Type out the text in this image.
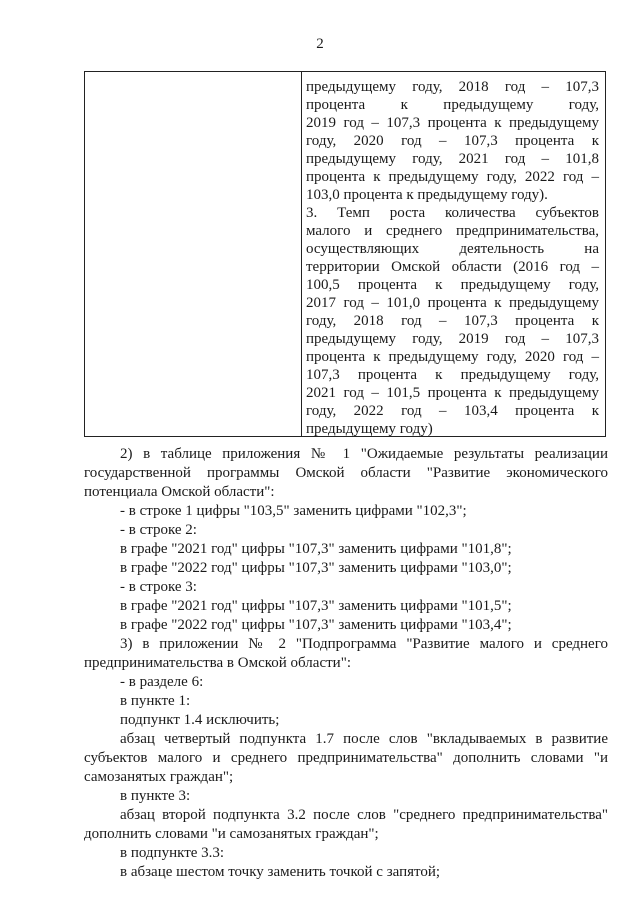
2
предыдущему году, 2018 год – 107,3
процента к предыдущему году,
2019 год – 107,3 процента к предыдущему
году, 2020 год – 107,3 процента к
предыдущему году, 2021 год – 101,8
процента к предыдущему году, 2022 год –
103,0 процента к предыдущему году).
3. Темп роста количества субъектов
малого и среднего предпринимательства,
осуществляющих деятельность на
территории Омской области (2016 год –
100,5 процента к предыдущему году,
2017 год – 101,0 процента к предыдущему
году, 2018 год – 107,3 процента к
предыдущему году, 2019 год – 107,3
процента к предыдущему году, 2020 год –
107,3 процента к предыдущему году,
2021 год – 101,5 процента к предыдущему
году, 2022 год – 103,4 процента к
предыдущему году)
2) в таблице приложения № 1 "Ожидаемые результаты реализации
государственной программы Омской области "Развитие экономического
потенциала Омской области":
- в строке 1 цифры "103,5" заменить цифрами "102,3";
- в строке 2:
в графе "2021 год" цифры "107,3" заменить цифрами "101,8";
в графе "2022 год" цифры "107,3" заменить цифрами "103,0";
- в строке 3:
в графе "2021 год" цифры "107,3" заменить цифрами "101,5";
в графе "2022 год" цифры "107,3" заменить цифрами "103,4";
3) в приложении № 2 "Подпрограмма "Развитие малого и среднего
предпринимательства в Омской области":
- в разделе 6:
в пункте 1:
подпункт 1.4 исключить;
абзац четвертый подпункта 1.7 после слов "вкладываемых в развитие
субъектов малого и среднего предпринимательства" дополнить словами "и
самозанятых граждан";
в пункте 3:
абзац второй подпункта 3.2 после слов "среднего предпринимательства"
дополнить словами "и самозанятых граждан";
в подпункте 3.3:
в абзаце шестом точку заменить точкой с запятой;
